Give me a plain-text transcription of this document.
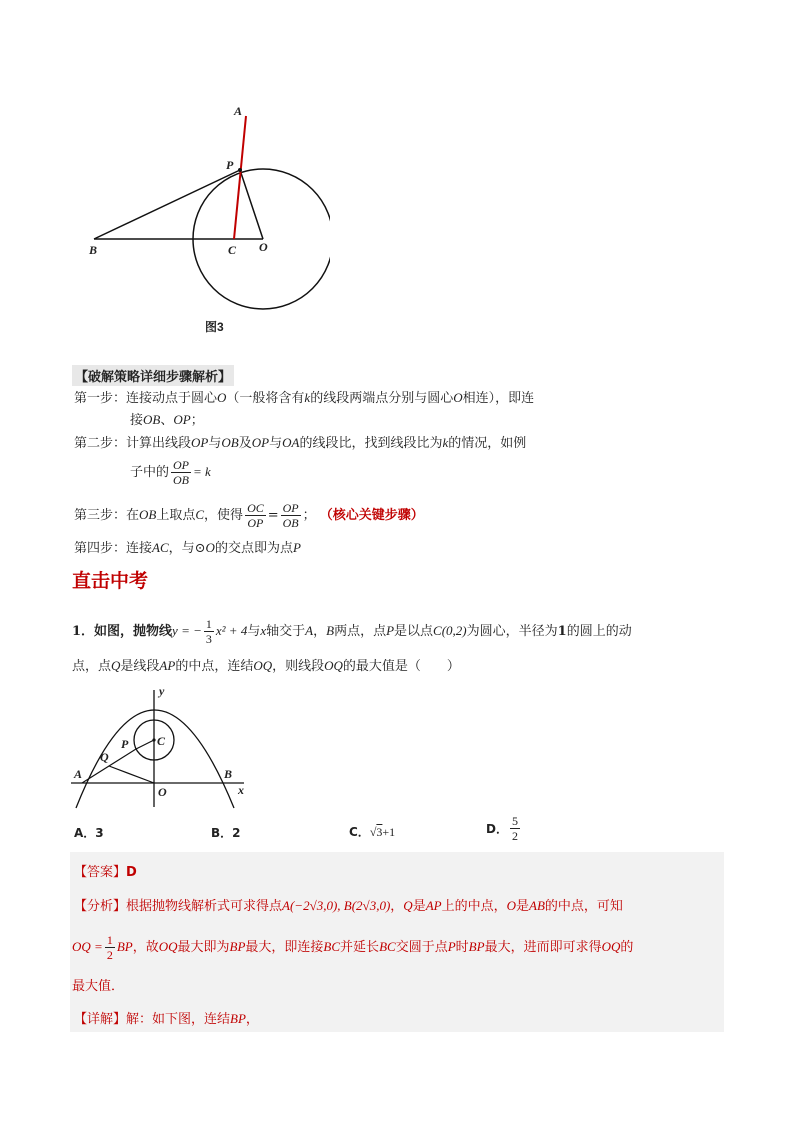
A
P
B	C O
图3
【破解策略详细步骤解析】
第一步：连接动点于圆心O（一般将含有k的线段两端点分别与圆心O相连），即连
接OB、OP；
第二步：计算出线段OP与OB及OP与OA的线段比，找到线段比为k的情况，如例
子中的 $\frac{OP}{OB} = k$
第三步：在OB上取点C，使得 $\frac{OC}{OP} = \frac{OP}{OB}$ ； （核心关键步骤）
第四步：连接AC，与⊙O的交点即为点P
直击中考
1．如图，抛物线y = − $\frac{1}{3} x^2 + 4$与x轴交于A，B两点，点P是以点C(0,2)为圆心，半径为1的圆上的动
点，点Q是线段AP的中点，连结OQ，则线段OQ的最大值是（　　）
y
C
P
Q
A	B
O	x
A．3	B．2	C．√3+1	D． $\frac{5}{2}$
【答案】D
【分析】根据抛物线解析式可求得点A(−2√3,0), B(2√3,0)，Q是AP上的中点，O是AB的中点，可知
OQ = $\frac{1}{2}$ BP，故OQ最大即为BP最大，即连接BC并延长BC交圆于点P时BP最大，进而即可求得OQ的
最大值．
【详解】解：如下图，连结BP，
